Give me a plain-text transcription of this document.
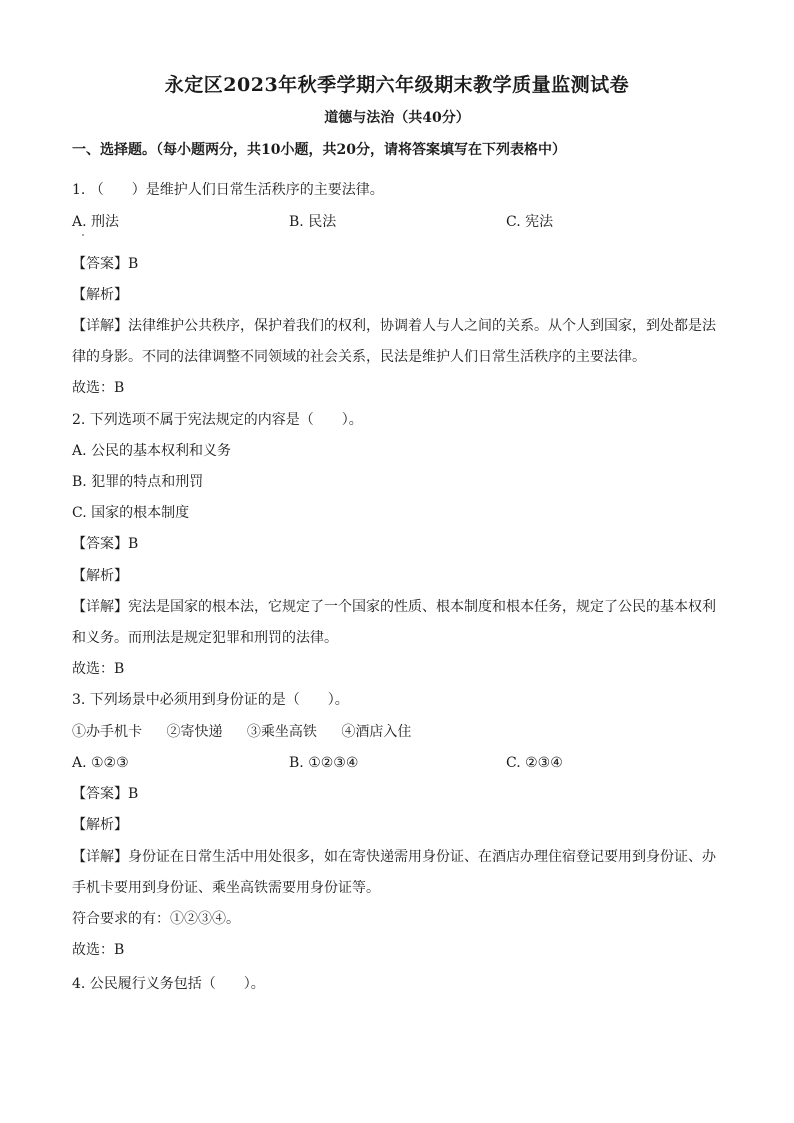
永定区2023年秋季学期六年级期末教学质量监测试卷
道德与法治（共40分）
一、选择题。（每小题两分，共10小题，共20分，请将答案填写在下列表格中）
1. （　　）是维护人们日常生活秩序的主要法律。
A. 刑法	B. 民法	C. 宪法
【答案】B
【解析】
【详解】法律维护公共秩序，保护着我们的权利，协调着人与人之间的关系。从个人到国家，到处都是法
律的身影。不同的法律调整不同领域的社会关系，民法是维护人们日常生活秩序的主要法律。
故选：B
2. 下列选项不属于宪法规定的内容是（　　）。
A. 公民的基本权利和义务
B. 犯罪的特点和刑罚
C. 国家的根本制度
【答案】B
【解析】
【详解】宪法是国家的根本法，它规定了一个国家的性质、根本制度和根本任务，规定了公民的基本权利
和义务。而刑法是规定犯罪和刑罚的法律。
故选：B
3. 下列场景中必须用到身份证的是（　　）。
①办手机卡 ②寄快递 ③乘坐高铁 ④酒店入住
A. ①②③	B. ①②③④	C. ②③④
【答案】B
【解析】
【详解】身份证在日常生活中用处很多，如在寄快递需用身份证、在酒店办理住宿登记要用到身份证、办
手机卡要用到身份证、乘坐高铁需要用身份证等。
符合要求的有：①②③④。
故选：B
4. 公民履行义务包括（　　）。
